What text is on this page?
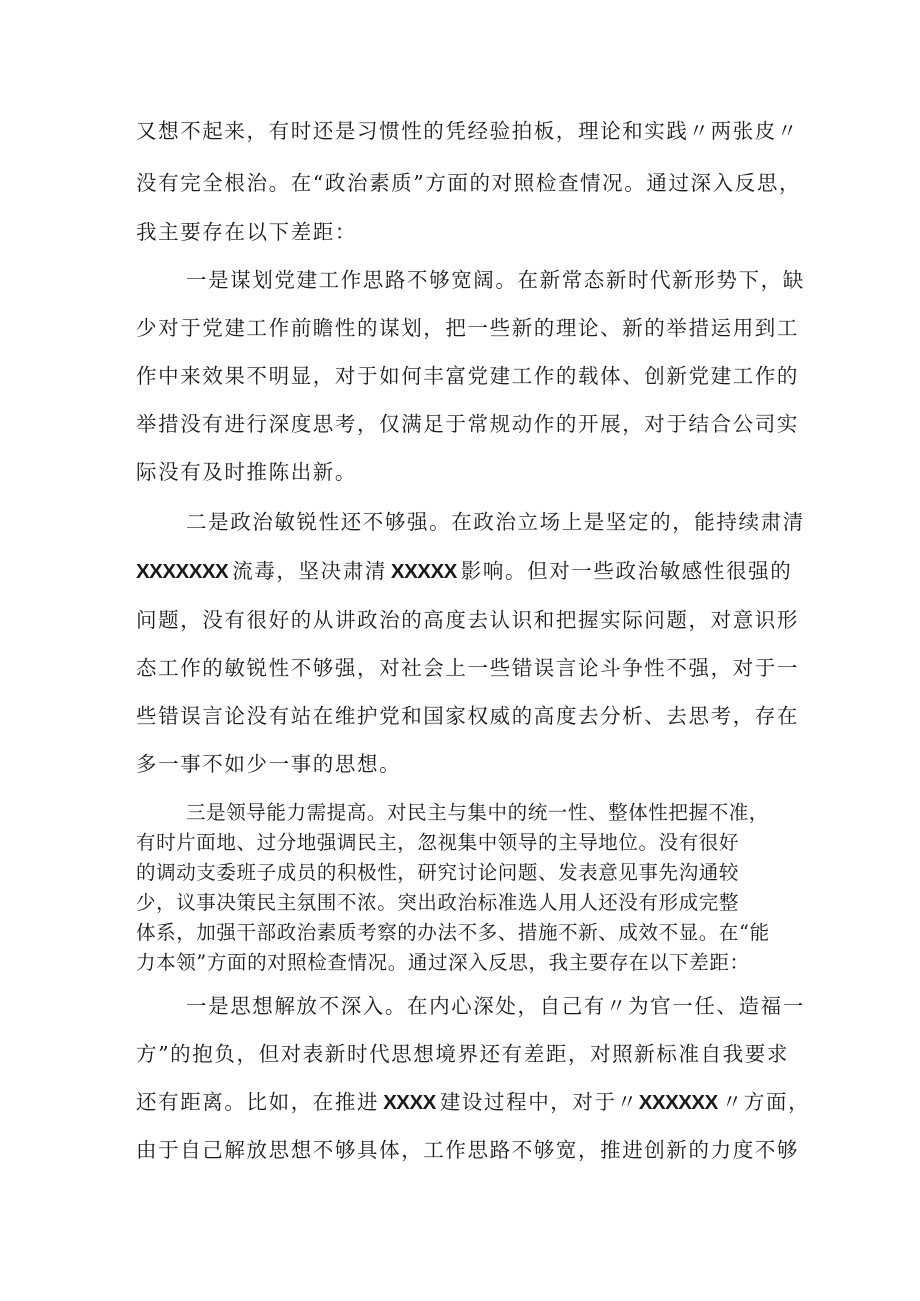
又想不起来，有时还是习惯性的凭经验拍板，理论和实践〃两张皮〃
没有完全根治。在“政治素质”方面的对照检查情况。通过深入反思，
我主要存在以下差距：
一是谋划党建工作思路不够宽阔。在新常态新时代新形势下，缺
少对于党建工作前瞻性的谋划，把一些新的理论、新的举措运用到工
作中来效果不明显，对于如何丰富党建工作的载体、创新党建工作的
举措没有进行深度思考，仅满足于常规动作的开展，对于结合公司实
际没有及时推陈出新。
二是政治敏锐性还不够强。在政治立场上是坚定的，能持续肃清
XXXXXXX 流毒，坚决肃清 XXXXX 影响。但对一些政治敏感性很强的
问题，没有很好的从讲政治的高度去认识和把握实际问题，对意识形
态工作的敏锐性不够强，对社会上一些错误言论斗争性不强，对于一
些错误言论没有站在维护党和国家权威的高度去分析、去思考，存在
多一事不如少一事的思想。
三是领导能力需提高。对民主与集中的统一性、整体性把握不准，
有时片面地、过分地强调民主，忽视集中领导的主导地位。没有很好
的调动支委班子成员的积极性，研究讨论问题、发表意见事先沟通较
少，议事决策民主氛围不浓。突出政治标准选人用人还没有形成完整
体系，加强干部政治素质考察的办法不多、措施不新、成效不显。在“能
力本领”方面的对照检查情况。通过深入反思，我主要存在以下差距：
一是思想解放不深入。在内心深处，自己有〃为官一任、造福一
方”的抱负，但对表新时代思想境界还有差距，对照新标准自我要求
还有距离。比如，在推进 XXXX 建设过程中，对于〃XXXXXX 〃方面，
由于自己解放思想不够具体，工作思路不够宽，推进创新的力度不够
